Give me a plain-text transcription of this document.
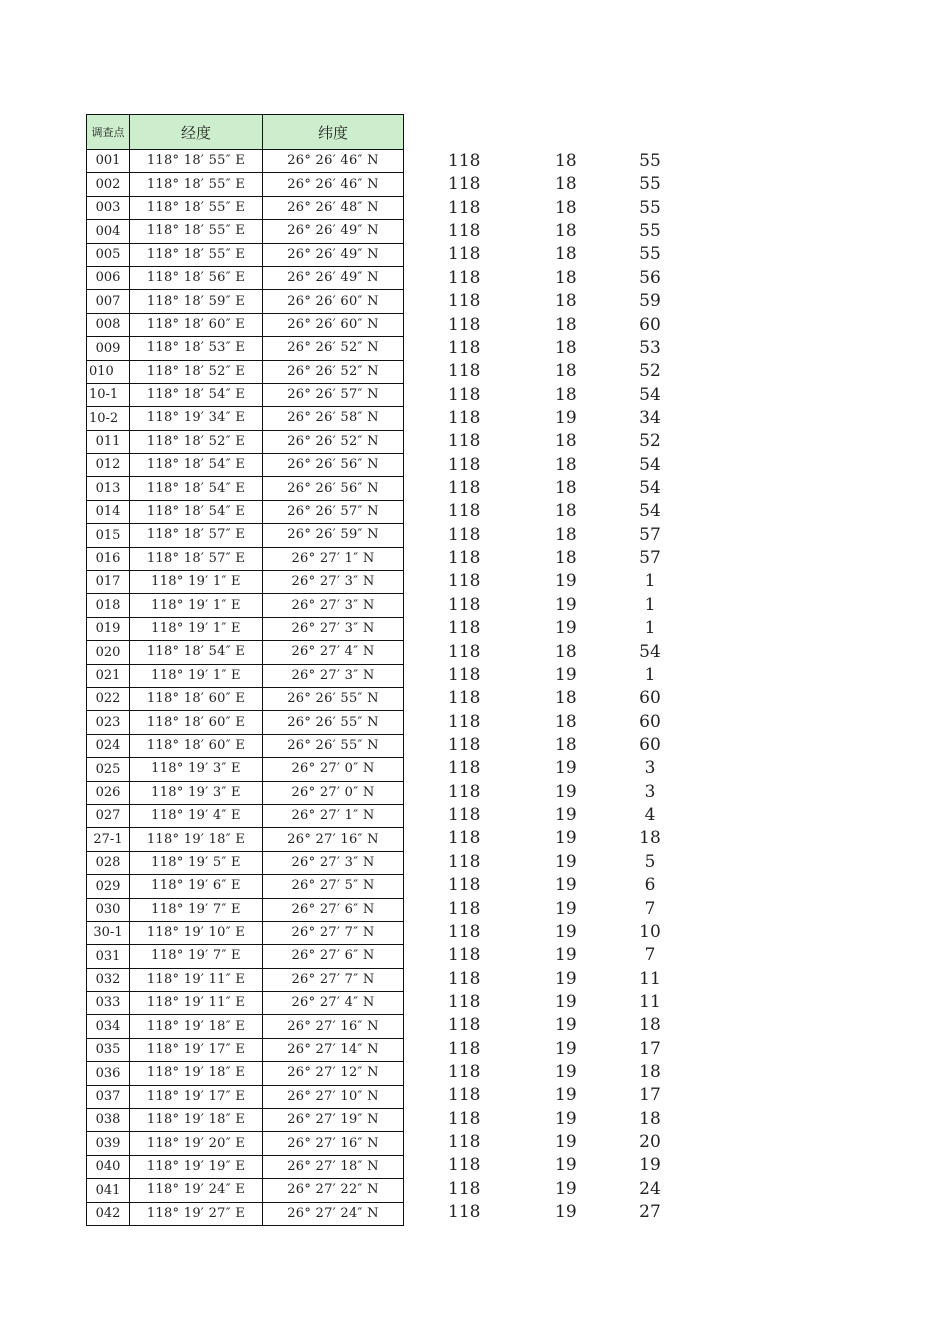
调查点	经度	纬度
001	118° 18′ 55″ E	26° 26′ 46″ N
002	118° 18′ 55″ E	26° 26′ 46″ N
003	118° 18′ 55″ E	26° 26′ 48″ N
004	118° 18′ 55″ E	26° 26′ 49″ N
005	118° 18′ 55″ E	26° 26′ 49″ N
006	118° 18′ 56″ E	26° 26′ 49″ N
007	118° 18′ 59″ E	26° 26′ 60″ N
008	118° 18′ 60″ E	26° 26′ 60″ N
009	118° 18′ 53″ E	26° 26′ 52″ N
010	118° 18′ 52″ E	26° 26′ 52″ N
10-1	118° 18′ 54″ E	26° 26′ 57″ N
10-2	118° 19′ 34″ E	26° 26′ 58″ N
011	118° 18′ 52″ E	26° 26′ 52″ N
012	118° 18′ 54″ E	26° 26′ 56″ N
013	118° 18′ 54″ E	26° 26′ 56″ N
014	118° 18′ 54″ E	26° 26′ 57″ N
015	118° 18′ 57″ E	26° 26′ 59″ N
016	118° 18′ 57″ E	26° 27′ 1″ N
017	118° 19′ 1″ E	26° 27′ 3″ N
018	118° 19′ 1″ E	26° 27′ 3″ N
019	118° 19′ 1″ E	26° 27′ 3″ N
020	118° 18′ 54″ E	26° 27′ 4″ N
021	118° 19′ 1″ E	26° 27′ 3″ N
022	118° 18′ 60″ E	26° 26′ 55″ N
023	118° 18′ 60″ E	26° 26′ 55″ N
024	118° 18′ 60″ E	26° 26′ 55″ N
025	118° 19′ 3″ E	26° 27′ 0″ N
026	118° 19′ 3″ E	26° 27′ 0″ N
027	118° 19′ 4″ E	26° 27′ 1″ N
27-1	118° 19′ 18″ E	26° 27′ 16″ N
028	118° 19′ 5″ E	26° 27′ 3″ N
029	118° 19′ 6″ E	26° 27′ 5″ N
030	118° 19′ 7″ E	26° 27′ 6″ N
30-1	118° 19′ 10″ E	26° 27′ 7″ N
031	118° 19′ 7″ E	26° 27′ 6″ N
032	118° 19′ 11″ E	26° 27′ 7″ N
033	118° 19′ 11″ E	26° 27′ 4″ N
034	118° 19′ 18″ E	26° 27′ 16″ N
035	118° 19′ 17″ E	26° 27′ 14″ N
036	118° 19′ 18″ E	26° 27′ 12″ N
037	118° 19′ 17″ E	26° 27′ 10″ N
038	118° 19′ 18″ E	26° 27′ 19″ N
039	118° 19′ 20″ E	26° 27′ 16″ N
040	118° 19′ 19″ E	26° 27′ 18″ N
041	118° 19′ 24″ E	26° 27′ 22″ N
042	118° 19′ 27″ E	26° 27′ 24″ N
118	18	55
118	18	55
118	18	55
118	18	55
118	18	55
118	18	56
118	18	59
118	18	60
118	18	53
118	18	52
118	18	54
118	19	34
118	18	52
118	18	54
118	18	54
118	18	54
118	18	57
118	18	57
118	19	1
118	19	1
118	19	1
118	18	54
118	19	1
118	18	60
118	18	60
118	18	60
118	19	3
118	19	3
118	19	4
118	19	18
118	19	5
118	19	6
118	19	7
118	19	10
118	19	7
118	19	11
118	19	11
118	19	18
118	19	17
118	19	18
118	19	17
118	19	18
118	19	20
118	19	19
118	19	24
118	19	27
